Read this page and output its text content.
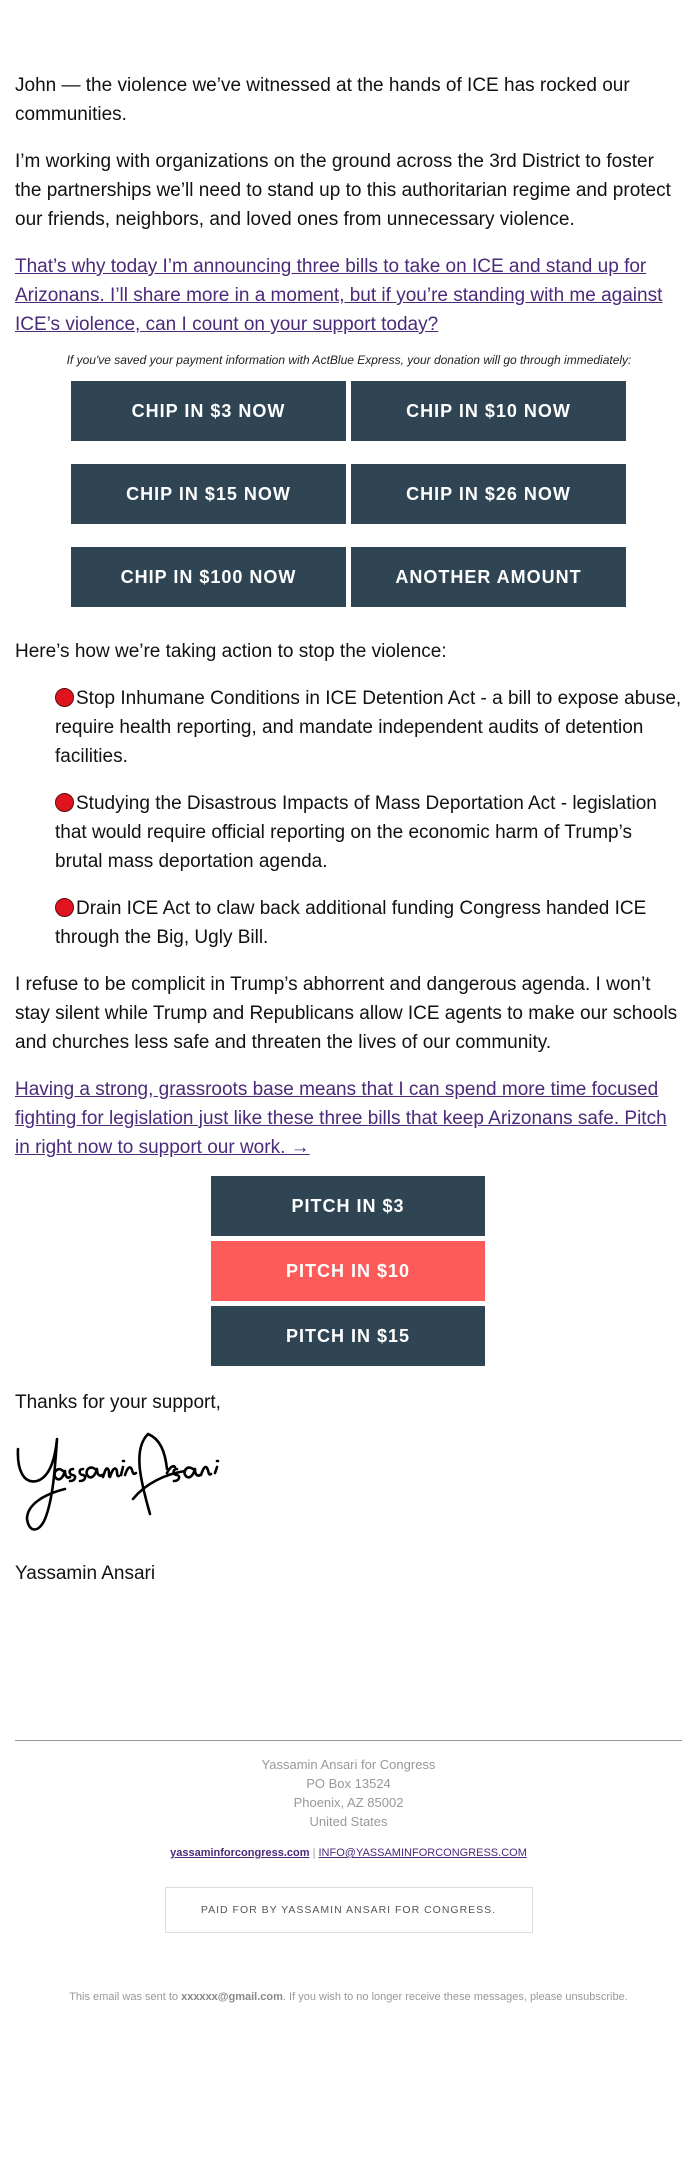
John — the violence we’ve witnessed at the hands of ICE has rocked our communities.

I’m working with organizations on the ground across the 3rd District to foster the partnerships we’ll need to stand up to this authoritarian regime and protect our friends, neighbors, and loved ones from unnecessary violence.

That’s why today I’m announcing three bills to take on ICE and stand up for Arizonans. I’ll share more in a moment, but if you’re standing with me against ICE’s violence, can I count on your support today?

If you've saved your payment information with ActBlue Express, your donation will go through immediately:
CHIP IN $3 NOW	CHIP IN $10 NOW
CHIP IN $15 NOW	CHIP IN $26 NOW
CHIP IN $100 NOW	ANOTHER AMOUNT

Here’s how we’re taking action to stop the violence:

Stop Inhumane Conditions in ICE Detention Act - a bill to expose abuse, require health reporting, and mandate independent audits of detention facilities.

Studying the Disastrous Impacts of Mass Deportation Act - legislation that would require official reporting on the economic harm of Trump’s brutal mass deportation agenda.

Drain ICE Act to claw back additional funding Congress handed ICE through the Big, Ugly Bill.

I refuse to be complicit in Trump’s abhorrent and dangerous agenda. I won’t stay silent while Trump and Republicans allow ICE agents to make our schools and churches less safe and threaten the lives of our community.

Having a strong, grassroots base means that I can spend more time focused fighting for legislation just like these three bills that keep Arizonans safe. Pitch in right now to support our work. →

PITCH IN $3
PITCH IN $10
PITCH IN $15

Thanks for your support,

Yassamin Ansari

Yassamin Ansari for Congress
PO Box 13524
Phoenix, AZ 85002
United States
yassaminforcongress.com | INFO@YASSAMINFORCONGRESS.COM
PAID FOR BY YASSAMIN ANSARI FOR CONGRESS.
This email was sent to xxxxxx@gmail.com. If you wish to no longer receive these messages, please unsubscribe.
